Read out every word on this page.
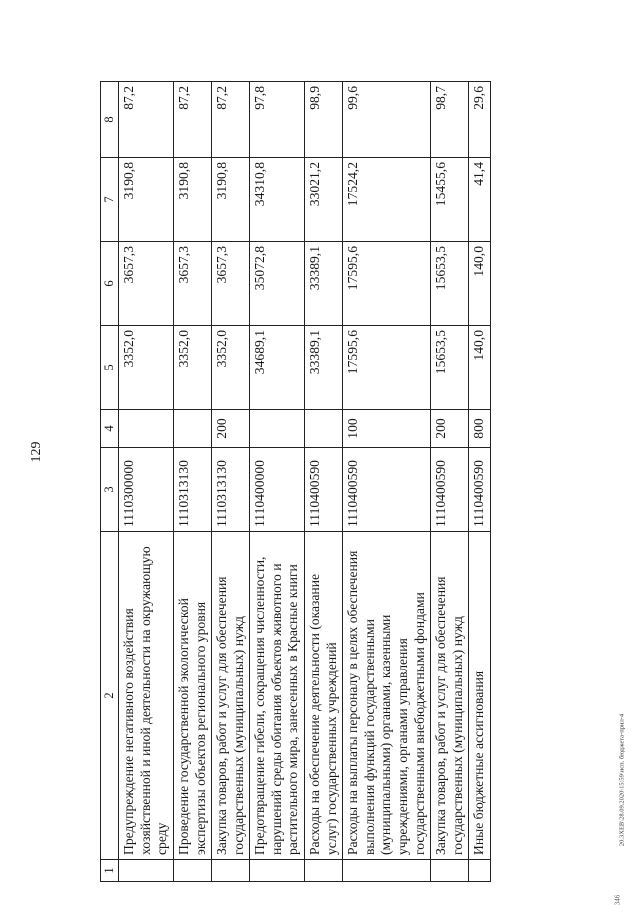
129
20.3XЕB\28.09.2020\15:59\исп. бюджета-прил-4
346
1	2	3	4	5	6	7	8
	Предупреждение негативного воздействия хозяйственной и иной деятельности на окружающую среду	1110300000		3352,0	3657,3	3190,8	87,2
	Проведение государственной экологической экспертизы объектов регионального уровня	1110313130		3352,0	3657,3	3190,8	87,2
	Закупка товаров, работ и услуг для обеспечения государственных (муниципальных) нужд	1110313130	200	3352,0	3657,3	3190,8	87,2
	Предотвращение гибели, сокращения численности, нарушений среды обитания объектов животного и растительного мира, занесенных в Красные книги	1110400000		34689,1	35072,8	34310,8	97,8
	Расходы на обеспечение деятельности (оказание услуг) государственных учреждений	1110400590		33389,1	33389,1	33021,2	98,9
	Расходы на выплаты персоналу в целях обеспечения выполнения функций государственными (муниципальными) органами, казенными учреждениями, органами управления государственными внебюджетными фондами	1110400590	100	17595,6	17595,6	17524,2	99,6
	Закупка товаров, работ и услуг для обеспечения государственных (муниципальных) нужд	1110400590	200	15653,5	15653,5	15455,6	98,7
	Иные бюджетные ассигнования	1110400590	800	140,0	140,0	41,4	29,6
